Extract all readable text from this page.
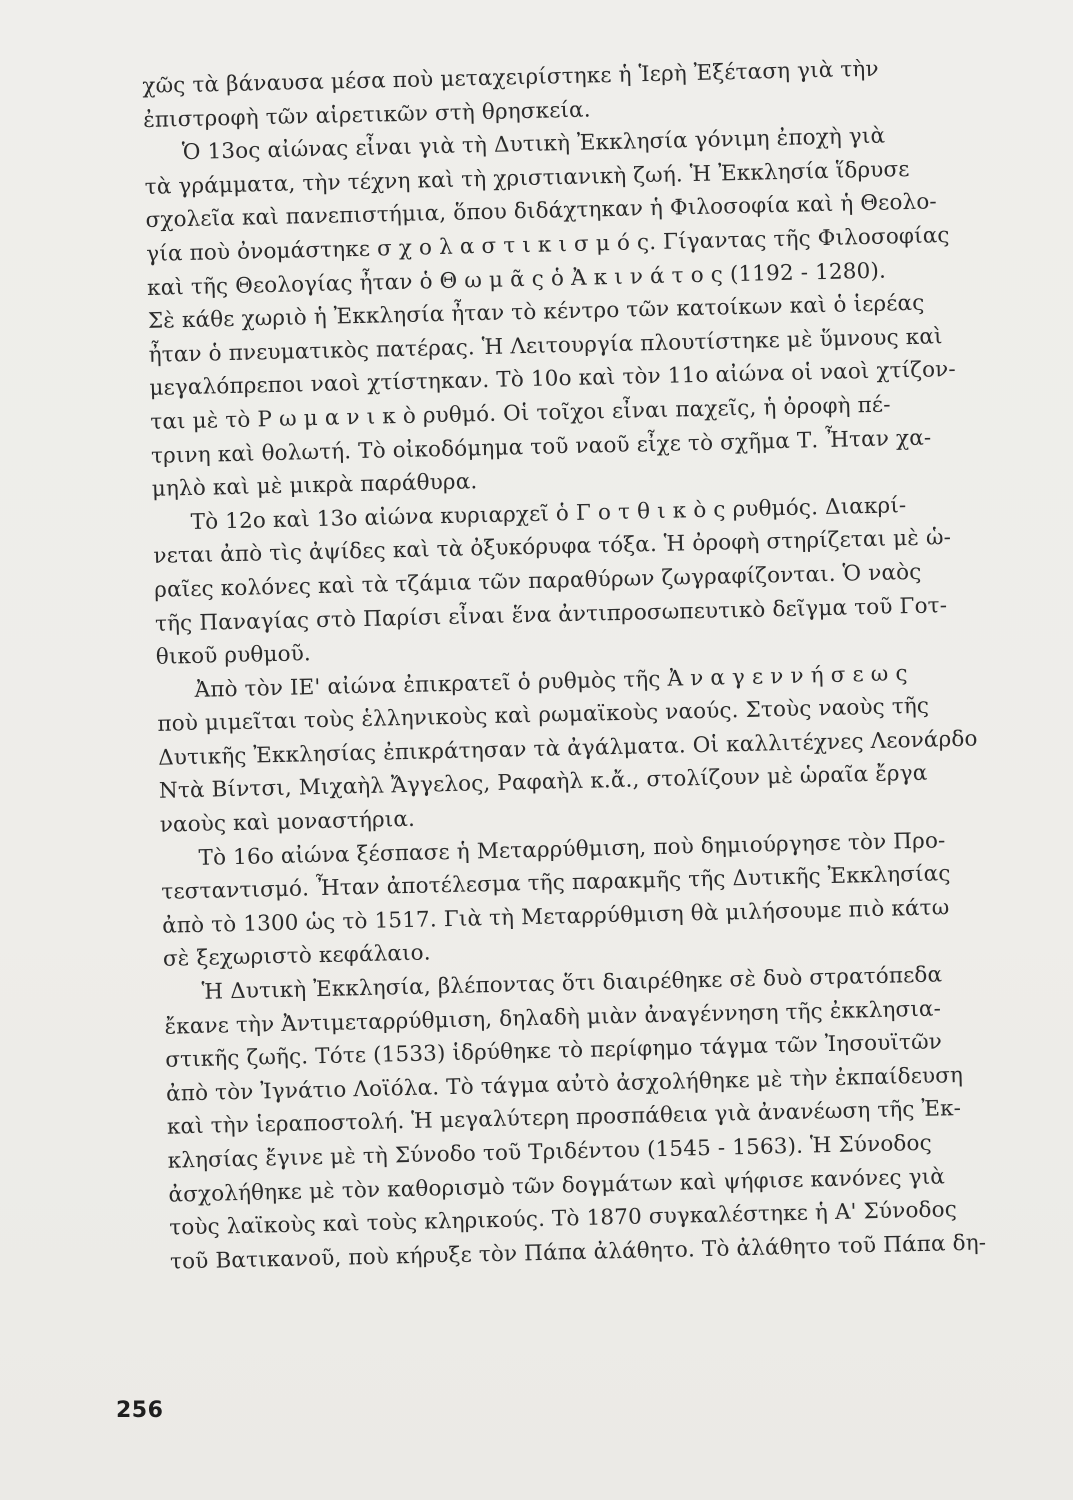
χῶς τὰ βάναυσα μέσα ποὺ μεταχειρίστηκε ἡ Ἱερὴ Ἐξέταση γιὰ τὴν
ἐπιστροφὴ τῶν αἱρετικῶν στὴ θρησκεία.
Ὁ 13ος αἰώνας εἶναι γιὰ τὴ Δυτικὴ Ἐκκλησία γόνιμη ἐποχὴ γιὰ
τὰ γράμματα, τὴν τέχνη καὶ τὴ χριστιανικὴ ζωή. Ἡ Ἐκκλησία ἵδρυσε
σχολεῖα καὶ πανεπιστήμια, ὅπου διδάχτηκαν ἡ Φιλοσοφία καὶ ἡ Θεολο-
γία ποὺ ὀνομάστηκε σ χ ο λ α σ τ ι κ ι σ μ ό ς. Γίγαντας τῆς Φιλοσοφίας
καὶ τῆς Θεολογίας ἦταν ὁ Θ ω μ ᾶ ς ὁ Ἀ κ ι ν ά τ ο ς (1192 - 1280).
Σὲ κάθε χωριὸ ἡ Ἐκκλησία ἦταν τὸ κέντρο τῶν κατοίκων καὶ ὁ ἱερέας
ἦταν ὁ πνευματικὸς πατέρας. Ἡ Λειτουργία πλουτίστηκε μὲ ὕμνους καὶ
μεγαλόπρεποι ναοὶ χτίστηκαν. Τὸ 10ο καὶ τὸν 11ο αἰώνα οἱ ναοὶ χτίζον-
ται μὲ τὸ Ρ ω μ α ν ι κ ὸ ρυθμό. Οἱ τοῖχοι εἶναι παχεῖς, ἡ ὀροφὴ πέ-
τρινη καὶ θολωτή. Τὸ οἰκοδόμημα τοῦ ναοῦ εἶχε τὸ σχῆμα Τ. Ἦταν χα-
μηλὸ καὶ μὲ μικρὰ παράθυρα.
Τὸ 12ο καὶ 13ο αἰώνα κυριαρχεῖ ὁ Γ ο τ θ ι κ ὸ ς ρυθμός. Διακρί-
νεται ἀπὸ τὶς ἀψίδες καὶ τὰ ὀξυκόρυφα τόξα. Ἡ ὀροφὴ στηρίζεται μὲ ὡ-
ραῖες κολόνες καὶ τὰ τζάμια τῶν παραθύρων ζωγραφίζονται. Ὁ ναὸς
τῆς Παναγίας στὸ Παρίσι εἶναι ἕνα ἀντιπροσωπευτικὸ δεῖγμα τοῦ Γοτ-
θικοῦ ρυθμοῦ.
Ἀπὸ τὸν ΙΕ' αἰώνα ἐπικρατεῖ ὁ ρυθμὸς τῆς Ἀ ν α γ ε ν ν ή σ ε ω ς
ποὺ μιμεῖται τοὺς ἑλληνικοὺς καὶ ρωμαϊκοὺς ναούς. Στοὺς ναοὺς τῆς
Δυτικῆς Ἐκκλησίας ἐπικράτησαν τὰ ἀγάλματα. Οἱ καλλιτέχνες Λεονάρδο
Ντὰ Βίντσι, Μιχαὴλ Ἄγγελος, Ραφαὴλ κ.ἄ., στολίζουν μὲ ὡραῖα ἔργα
ναοὺς καὶ μοναστήρια.
Τὸ 16ο αἰώνα ξέσπασε ἡ Μεταρρύθμιση, ποὺ δημιούργησε τὸν Προ-
τεσταντισμό. Ἦταν ἀποτέλεσμα τῆς παρακμῆς τῆς Δυτικῆς Ἐκκλησίας
ἀπὸ τὸ 1300 ὡς τὸ 1517. Γιὰ τὴ Μεταρρύθμιση θὰ μιλήσουμε πιὸ κάτω
σὲ ξεχωριστὸ κεφάλαιο.
Ἡ Δυτικὴ Ἐκκλησία, βλέποντας ὅτι διαιρέθηκε σὲ δυὸ στρατόπεδα
ἔκανε τὴν Ἀντιμεταρρύθμιση, δηλαδὴ μιὰν ἀναγέννηση τῆς ἐκκλησια-
στικῆς ζωῆς. Τότε (1533) ἱδρύθηκε τὸ περίφημο τάγμα τῶν Ἰησουϊτῶν
ἀπὸ τὸν Ἰγνάτιο Λοϊόλα. Τὸ τάγμα αὐτὸ ἀσχολήθηκε μὲ τὴν ἐκπαίδευση
καὶ τὴν ἱεραποστολή. Ἡ μεγαλύτερη προσπάθεια γιὰ ἀνανέωση τῆς Ἐκ-
κλησίας ἔγινε μὲ τὴ Σύνοδο τοῦ Τριδέντου (1545 - 1563). Ἡ Σύνοδος
ἀσχολήθηκε μὲ τὸν καθορισμὸ τῶν δογμάτων καὶ ψήφισε κανόνες γιὰ
τοὺς λαϊκοὺς καὶ τοὺς κληρικούς. Τὸ 1870 συγκαλέστηκε ἡ Α' Σύνοδος
τοῦ Βατικανοῦ, ποὺ κήρυξε τὸν Πάπα ἀλάθητο. Τὸ ἀλάθητο τοῦ Πάπα δη-
256
